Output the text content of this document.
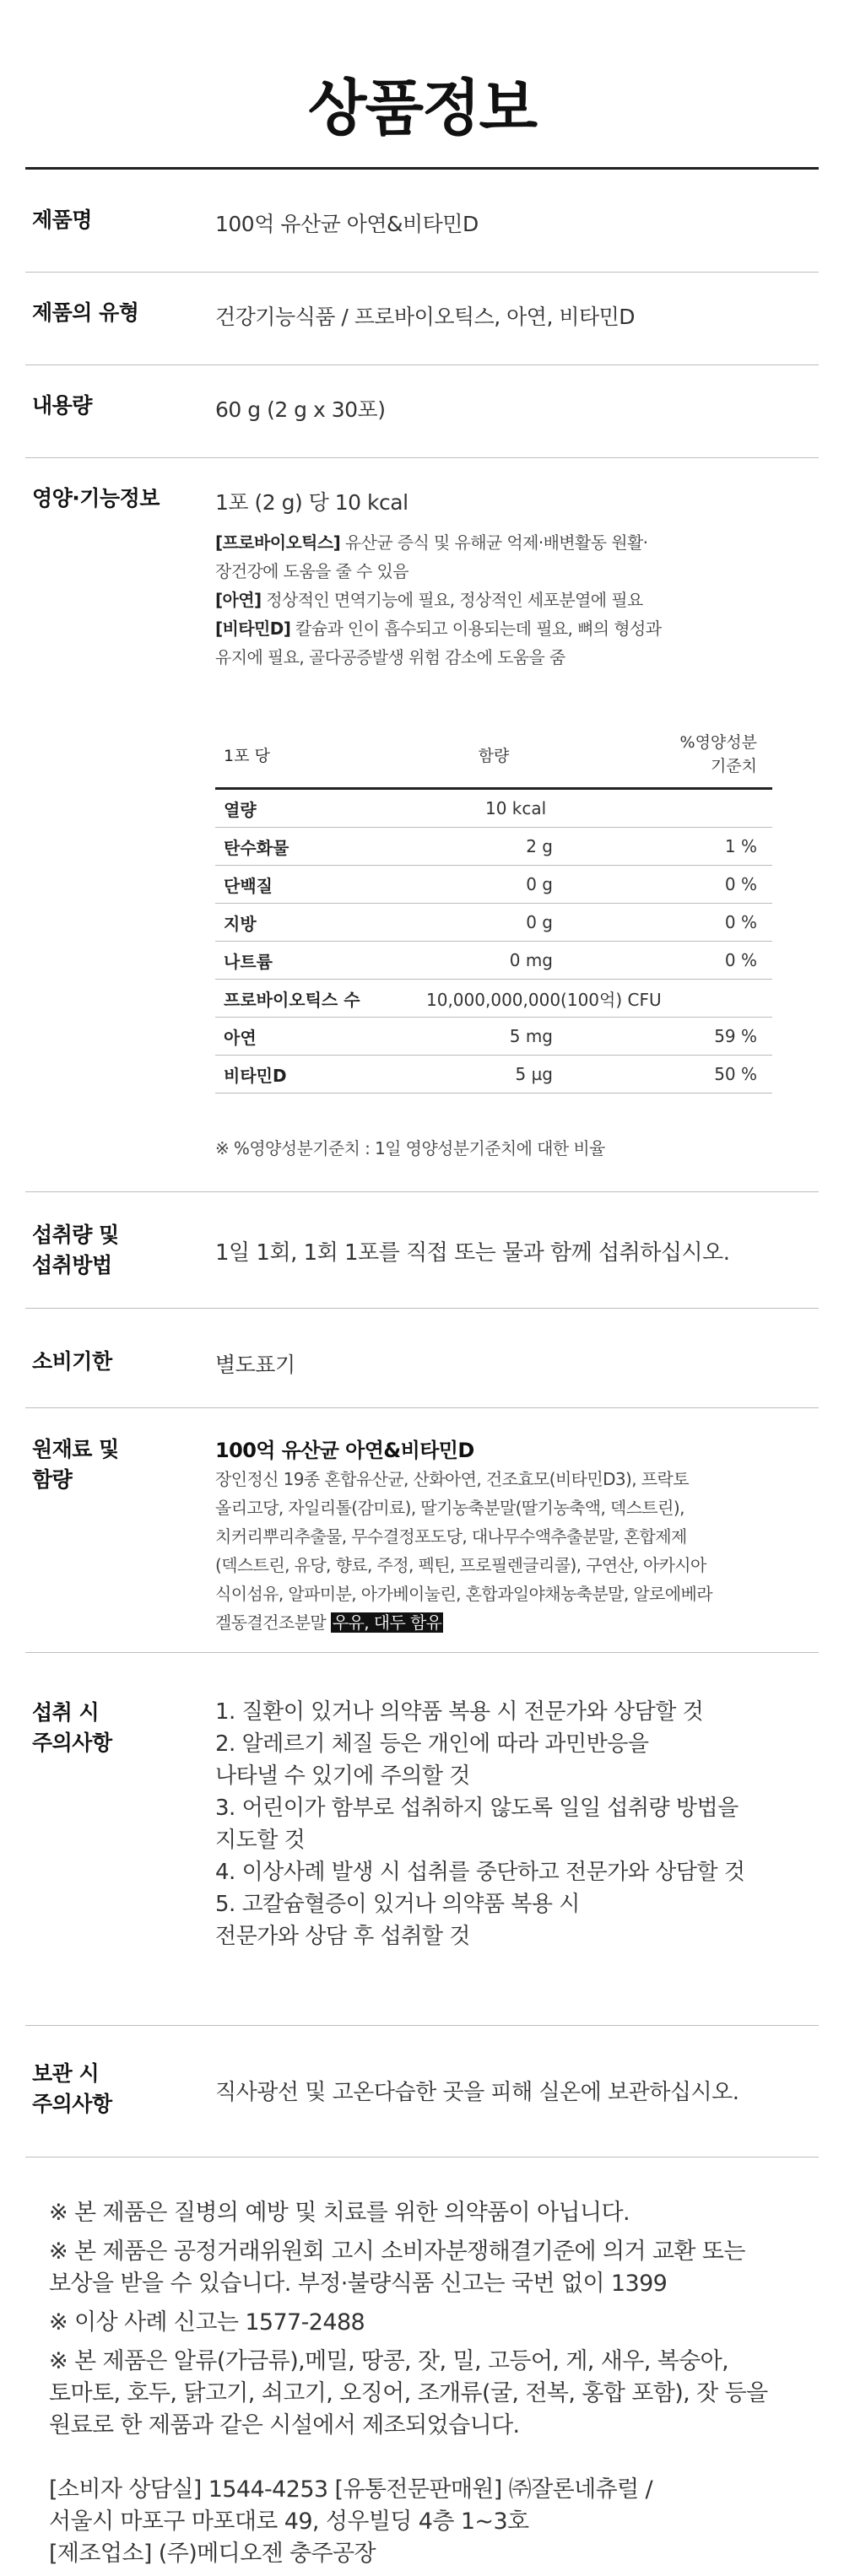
상품정보
제품명	100억 유산균 아연&비타민D
제품의 유형	건강기능식품 / 프로바이오틱스, 아연, 비타민D
내용량	60 g (2 g x 30포)
영양·기능정보	1포 (2 g) 당 10 kcal
[프로바이오틱스] 유산균 증식 및 유해균 억제·배변활동 원활·
장건강에 도움을 줄 수 있음
[아연] 정상적인 면역기능에 필요, 정상적인 세포분열에 필요
[비타민D] 칼슘과 인이 흡수되고 이용되는데 필요, 뼈의 형성과
유지에 필요, 골다공증발생 위험 감소에 도움을 줌
1포 당	함량	%영양성분
기준치

열량	10 kcal	
탄수화물	2 g	1 %
단백질	0 g	0 %
지방	0 g	0 %
나트륨	0 mg	0 %
프로바이오틱스 수	10,000,000,000(100억) CFU	
아연	5 mg	59 %
비타민D	5 µg	50 %
※ %영양성분기준치 : 1일 영양성분기준치에 대한 비율
섭취량 및
섭취방법	1일 1회, 1회 1포를 직접 또는 물과 함께 섭취하십시오.
소비기한	별도표기
원재료 및
함량
100억 유산균 아연&비타민D
장인정신 19종 혼합유산균, 산화아연, 건조효모(비타민D3), 프락토
올리고당, 자일리톨(감미료), 딸기농축분말(딸기농축액, 덱스트린),
치커리뿌리추출물, 무수결정포도당, 대나무수액추출분말, 혼합제제
(덱스트린, 유당, 향료, 주정, 펙틴, 프로필렌글리콜), 구연산, 아카시아
식이섬유, 알파미분, 아가베이눌린, 혼합과일야채농축분말, 알로에베라
겔동결건조분말 우유, 대두 함유
섭취 시
주의사항
1. 질환이 있거나 의약품 복용 시 전문가와 상담할 것
2. 알레르기 체질 등은 개인에 따라 과민반응을
나타낼 수 있기에 주의할 것
3. 어린이가 함부로 섭취하지 않도록 일일 섭취량 방법을
지도할 것
4. 이상사례 발생 시 섭취를 중단하고 전문가와 상담할 것
5. 고칼슘혈증이 있거나 의약품 복용 시
전문가와 상담 후 섭취할 것
보관 시
주의사항	직사광선 및 고온다습한 곳을 피해 실온에 보관하십시오.
※ 본 제품은 질병의 예방 및 치료를 위한 의약품이 아닙니다.
※ 본 제품은 공정거래위원회 고시 소비자분쟁해결기준에 의거 교환 또는
보상을 받을 수 있습니다. 부정·불량식품 신고는 국번 없이 1399
※ 이상 사례 신고는 1577-2488
※ 본 제품은 알류(가금류),메밀, 땅콩, 잣, 밀, 고등어, 게, 새우, 복숭아,
토마토, 호두, 닭고기, 쇠고기, 오징어, 조개류(굴, 전복, 홍합 포함), 잣 등을
원료로 한 제품과 같은 시설에서 제조되었습니다.
[소비자 상담실] 1544-4253 [유통전문판매원] ㈜잘론네츄럴 /
서울시 마포구 마포대로 49, 성우빌딩 4층 1~3호
[제조업소] (주)메디오젠 충주공장
